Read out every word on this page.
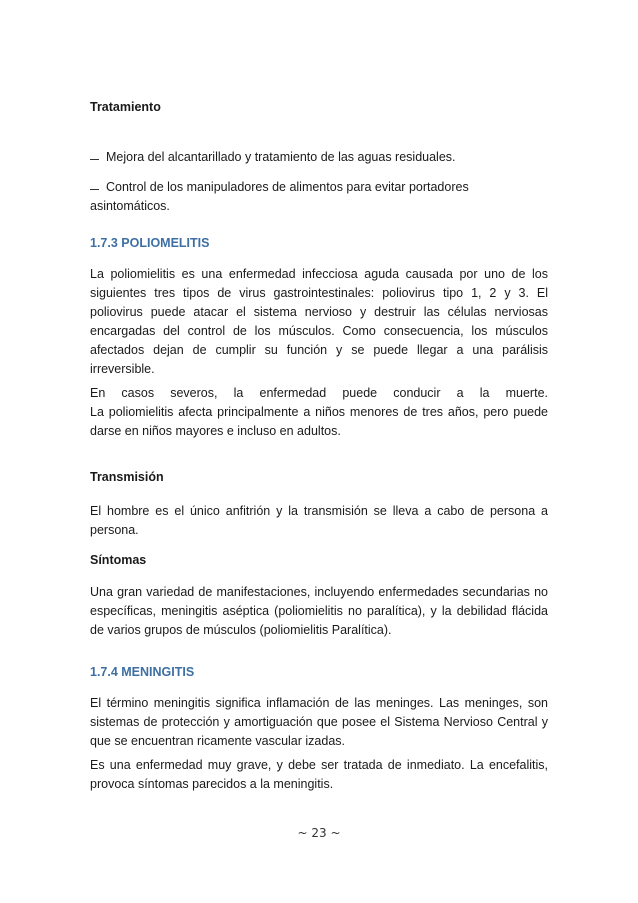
Tratamiento

Mejora del alcantarillado y tratamiento de las aguas residuales.

Control de los manipuladores de alimentos para evitar portadores asintomáticos.

1.7.3 POLIOMELITIS

La poliomielitis es una enfermedad infecciosa aguda causada por uno de los siguientes tres tipos de virus gastrointestinales: poliovirus tipo 1, 2 y 3. El poliovirus puede atacar el sistema nervioso y destruir las células nerviosas encargadas del control de los músculos. Como consecuencia, los músculos afectados dejan de cumplir su función y se puede llegar a una parálisis irreversible.

En casos severos, la enfermedad puede conducir a la muerte.

La poliomielitis afecta principalmente a niños menores de tres años, pero puede darse en niños mayores e incluso en adultos.

Transmisión

El hombre es el único anfitrión y la transmisión se lleva a cabo de persona a persona.

Síntomas

Una gran variedad de manifestaciones, incluyendo enfermedades secundarias no específicas, meningitis aséptica (poliomielitis no paralítica), y la debilidad flácida de varios grupos de músculos (poliomielitis Paralítica).

1.7.4 MENINGITIS

El término meningitis significa inflamación de las meninges. Las meninges, son sistemas de protección y amortiguación que posee el Sistema Nervioso Central y que se encuentran ricamente vascular izadas.

Es una enfermedad muy grave, y debe ser tratada de inmediato. La encefalitis, provoca síntomas parecidos a la meningitis.

~ 23 ~
